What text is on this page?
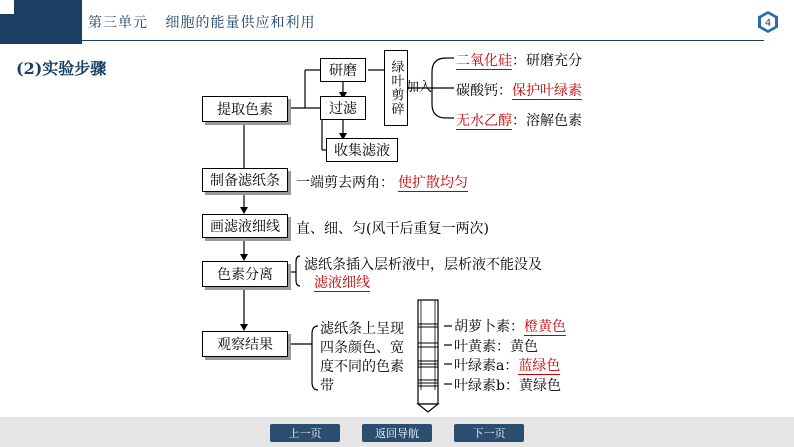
第三单元 细胞的能量供应和利用	4
(2)实验步骤
提取色素
研磨
过滤
收集滤液
绿叶剪碎 加入
二氧化硅：研磨充分
碳酸钙：保护叶绿素
无水乙醇：溶解色素
制备滤纸条	一端剪去两角： 使扩散均匀
画滤液细线	直、细、匀(风干后重复一两次)
色素分离
滤纸条插入层析液中，层析液不能没及
滤液细线
观察结果
滤纸条上呈现四条颜色、宽度不同的色素带
胡萝卜素：橙黄色
叶黄素：黄色
叶绿素a：蓝绿色
叶绿素b：黄绿色
上一页	返回导航	下一页
